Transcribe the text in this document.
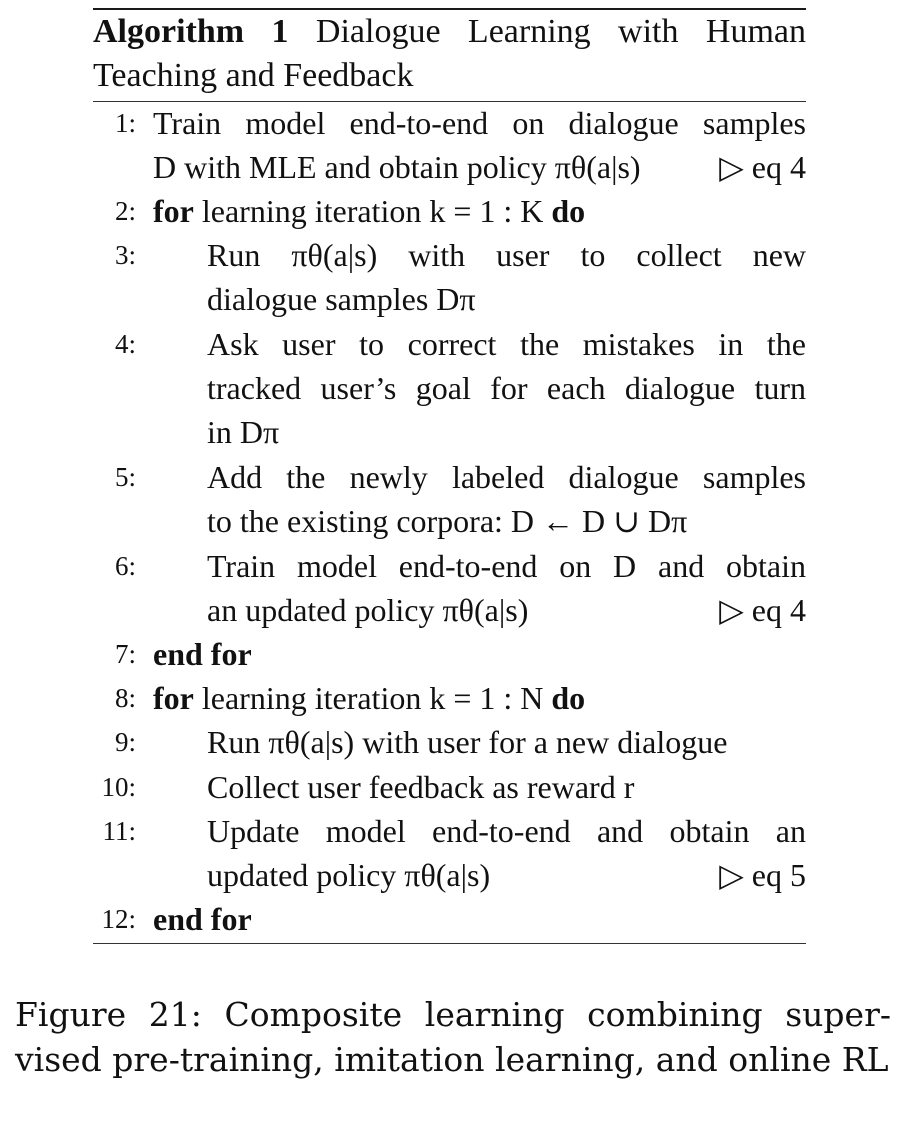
Algorithm 1 Dialogue Learning with Human Teaching and Feedback
1: Train model end-to-end on dialogue samples
D with MLE and obtain policy πθ(a|s) ▷ eq 4
2: for learning iteration k = 1 : K do
3: Run πθ(a|s) with user to collect new
dialogue samples Dπ
4: Ask user to correct the mistakes in the
tracked user’s goal for each dialogue turn
in Dπ
5: Add the newly labeled dialogue samples
to the existing corpora: D ← D ∪ Dπ
6: Train model end-to-end on D and obtain
an updated policy πθ(a|s)	▷ eq 4
7: end for
8: for learning iteration k = 1 : N do
9: Run πθ(a|s) with user for a new dialogue
10: Collect user feedback as reward r
11: Update model end-to-end and obtain an
updated policy πθ(a|s)	▷ eq 5
12: end for
Figure 21: Composite learning combining super-vised pre-training, imitation learning, and online RL
